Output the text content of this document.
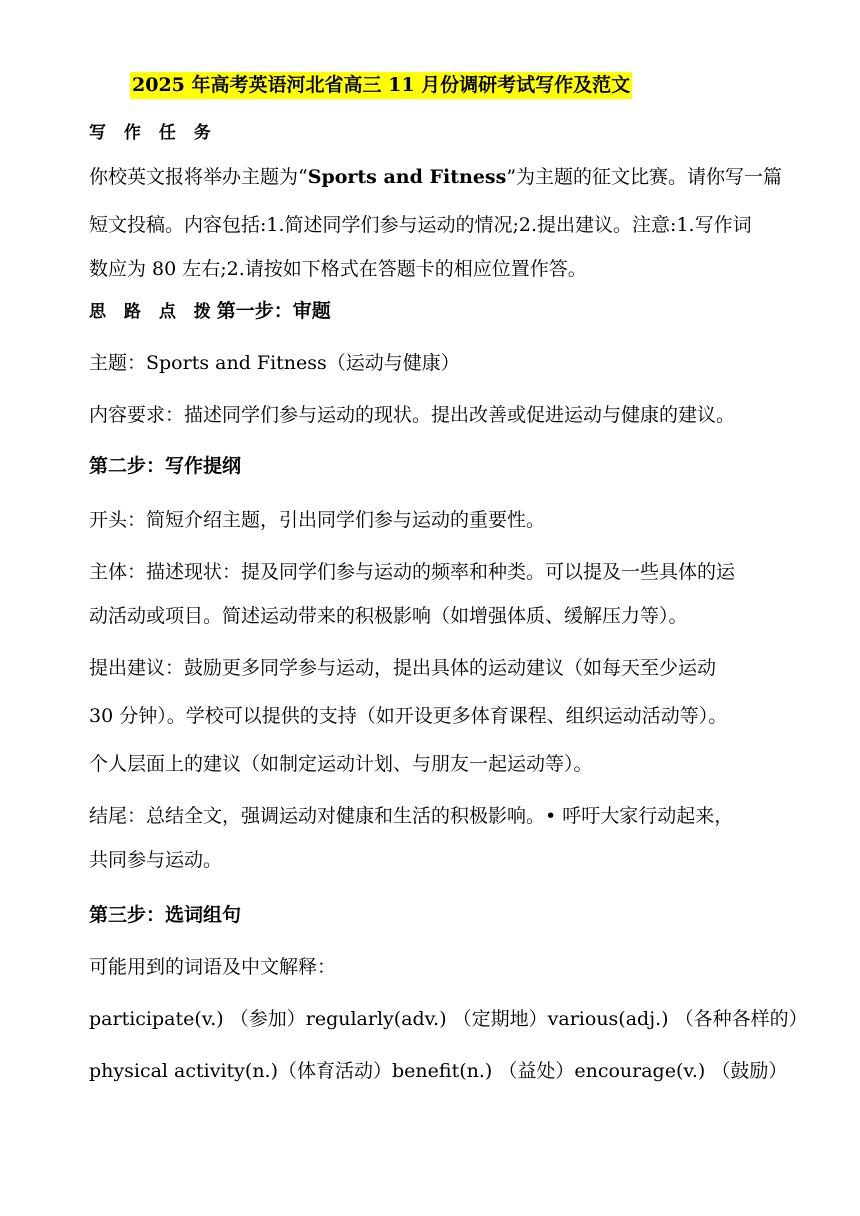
2025 年高考英语河北省高三 11 月份调研考试写作及范文
写 作 任 务
你校英文报将举办主题为“Sports and Fitness”为主题的征文比赛。请你写一篇
短文投稿。内容包括:1.简述同学们参与运动的情况;2.提出建议。注意:1.写作词
数应为 80 左右;2.请按如下格式在答题卡的相应位置作答。
思 路 点 拨第一步：审题
主题：Sports and Fitness（运动与健康）
内容要求：描述同学们参与运动的现状。提出改善或促进运动与健康的建议。
第二步：写作提纲
开头：简短介绍主题，引出同学们参与运动的重要性。
主体：描述现状：提及同学们参与运动的频率和种类。可以提及一些具体的运
动活动或项目。简述运动带来的积极影响（如增强体质、缓解压力等）。
提出建议：鼓励更多同学参与运动，提出具体的运动建议（如每天至少运动
30 分钟）。学校可以提供的支持（如开设更多体育课程、组织运动活动等）。
个人层面上的建议（如制定运动计划、与朋友一起运动等）。
结尾：总结全文，强调运动对健康和生活的积极影响。• 呼吁大家行动起来，
共同参与运动。
第三步：选词组句
可能用到的词语及中文解释：
participate(v.) （参加）regularly(adv.) （定期地）various(adj.) （各种各样的）
physical activity(n.)（体育活动）benefit(n.) （益处）encourage(v.) （鼓励）
